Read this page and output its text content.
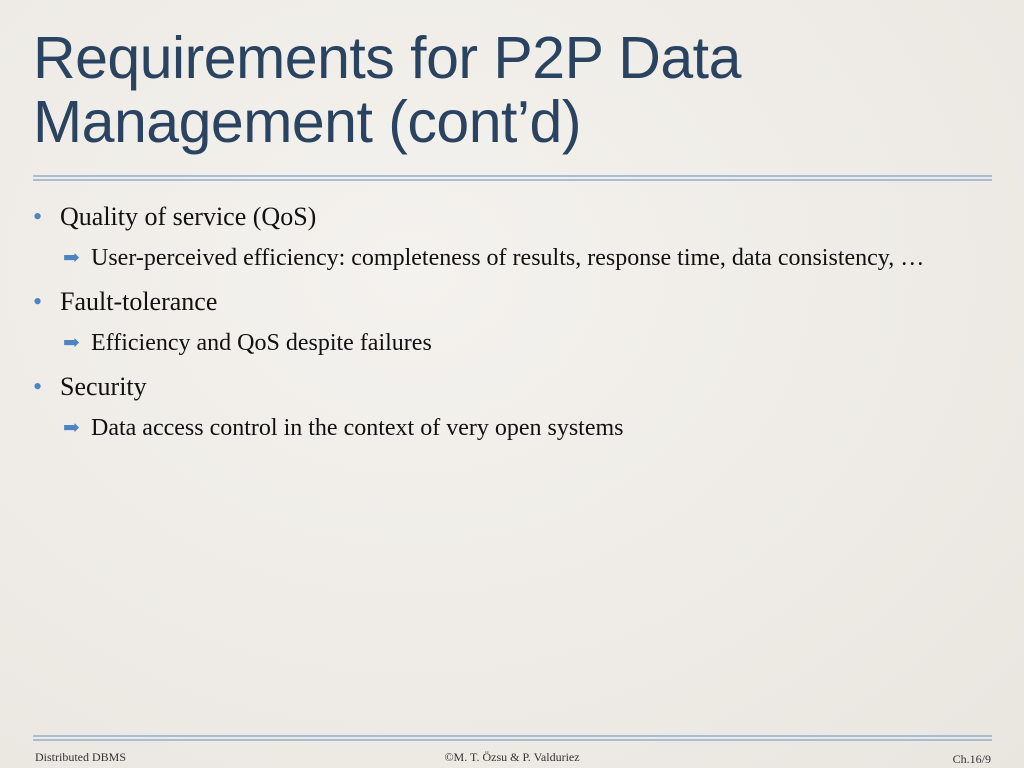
Requirements for P2P Data
Management (cont’d)
• Quality of service (QoS)
➡ User-perceived efficiency: completeness of results, response time, data consistency, …
• Fault-tolerance
➡ Efficiency and QoS despite failures
• Security
➡ Data access control in the context of very open systems
Distributed DBMS	©M. T. Özsu & P. Valduriez	Ch.16/9
